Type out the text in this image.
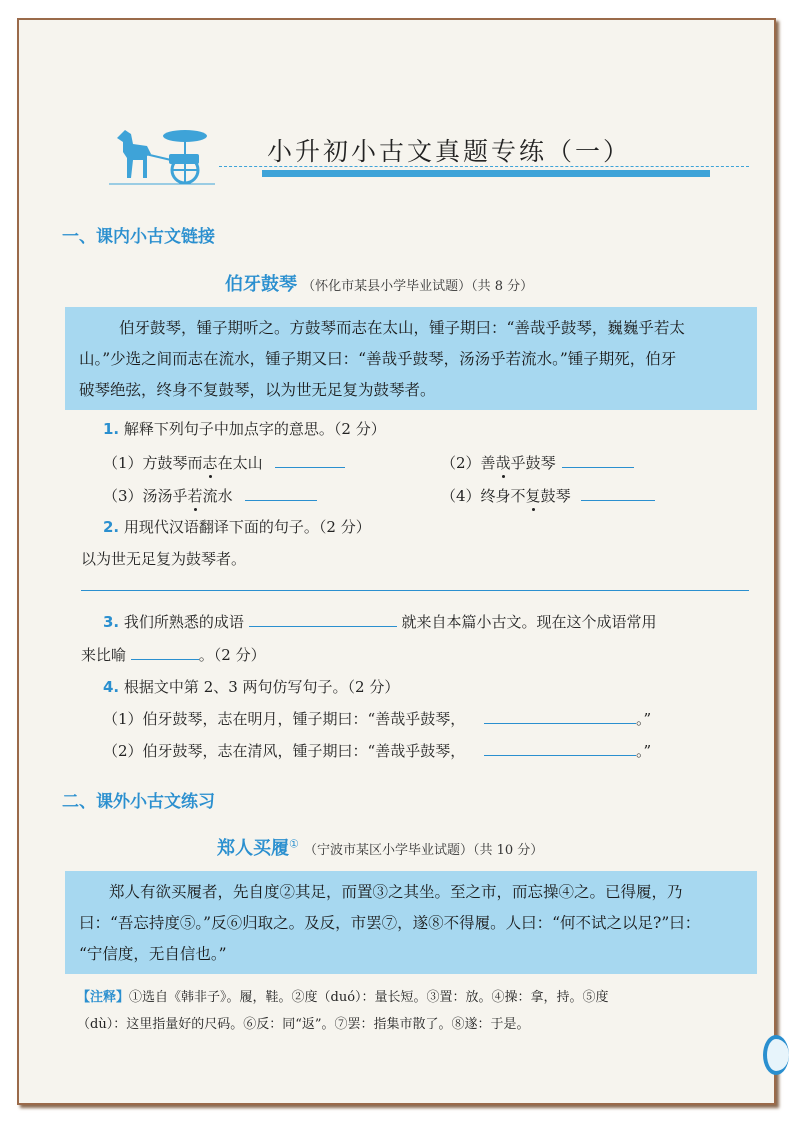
小升初小古文真题专练（一）
一、课内小古文链接
伯牙鼓琴 （怀化市某县小学毕业试题）（共 8 分）
伯牙鼓琴，锺子期听之。方鼓琴而志在太山，锺子期曰：“善哉乎鼓琴，巍巍乎若太
山。”少选之间而志在流水，锺子期又曰：“善哉乎鼓琴，汤汤乎若流水。”锺子期死，伯牙
破琴绝弦，终身不复鼓琴，以为世无足复为鼓琴者。
1. 解释下列句子中加点字的意思。（2 分）
（1）方鼓琴而志在太山	（2）善哉乎鼓琴
（3）汤汤乎若流水	（4）终身不复鼓琴
2. 用现代汉语翻译下面的句子。（2 分）
以为世无足复为鼓琴者。
3. 我们所熟悉的成语	就来自本篇小古文。现在这个成语常用
来比喻	。（2 分）
4. 根据文中第 2、3 两句仿写句子。（2 分）
（1）伯牙鼓琴，志在明月，锺子期曰：“善哉乎鼓琴，	。”
（2）伯牙鼓琴，志在清风，锺子期曰：“善哉乎鼓琴，	。”
二、课外小古文练习
郑人买履① （宁波市某区小学毕业试题）（共 10 分）
郑人有欲买履者，先自度②其足，而置③之其坐。至之市，而忘操④之。已得履，乃
曰：“吾忘持度⑤。”反⑥归取之。及反，市罢⑦，遂⑧不得履。人曰：“何不试之以足?”曰：
“宁信度，无自信也。”
【注释】①选自《韩非子》。履，鞋。②度（duó）：量长短。③置：放。④操：拿，持。⑤度
（dù）：这里指量好的尺码。⑥反：同“返”。⑦罢：指集市散了。⑧遂：于是。
